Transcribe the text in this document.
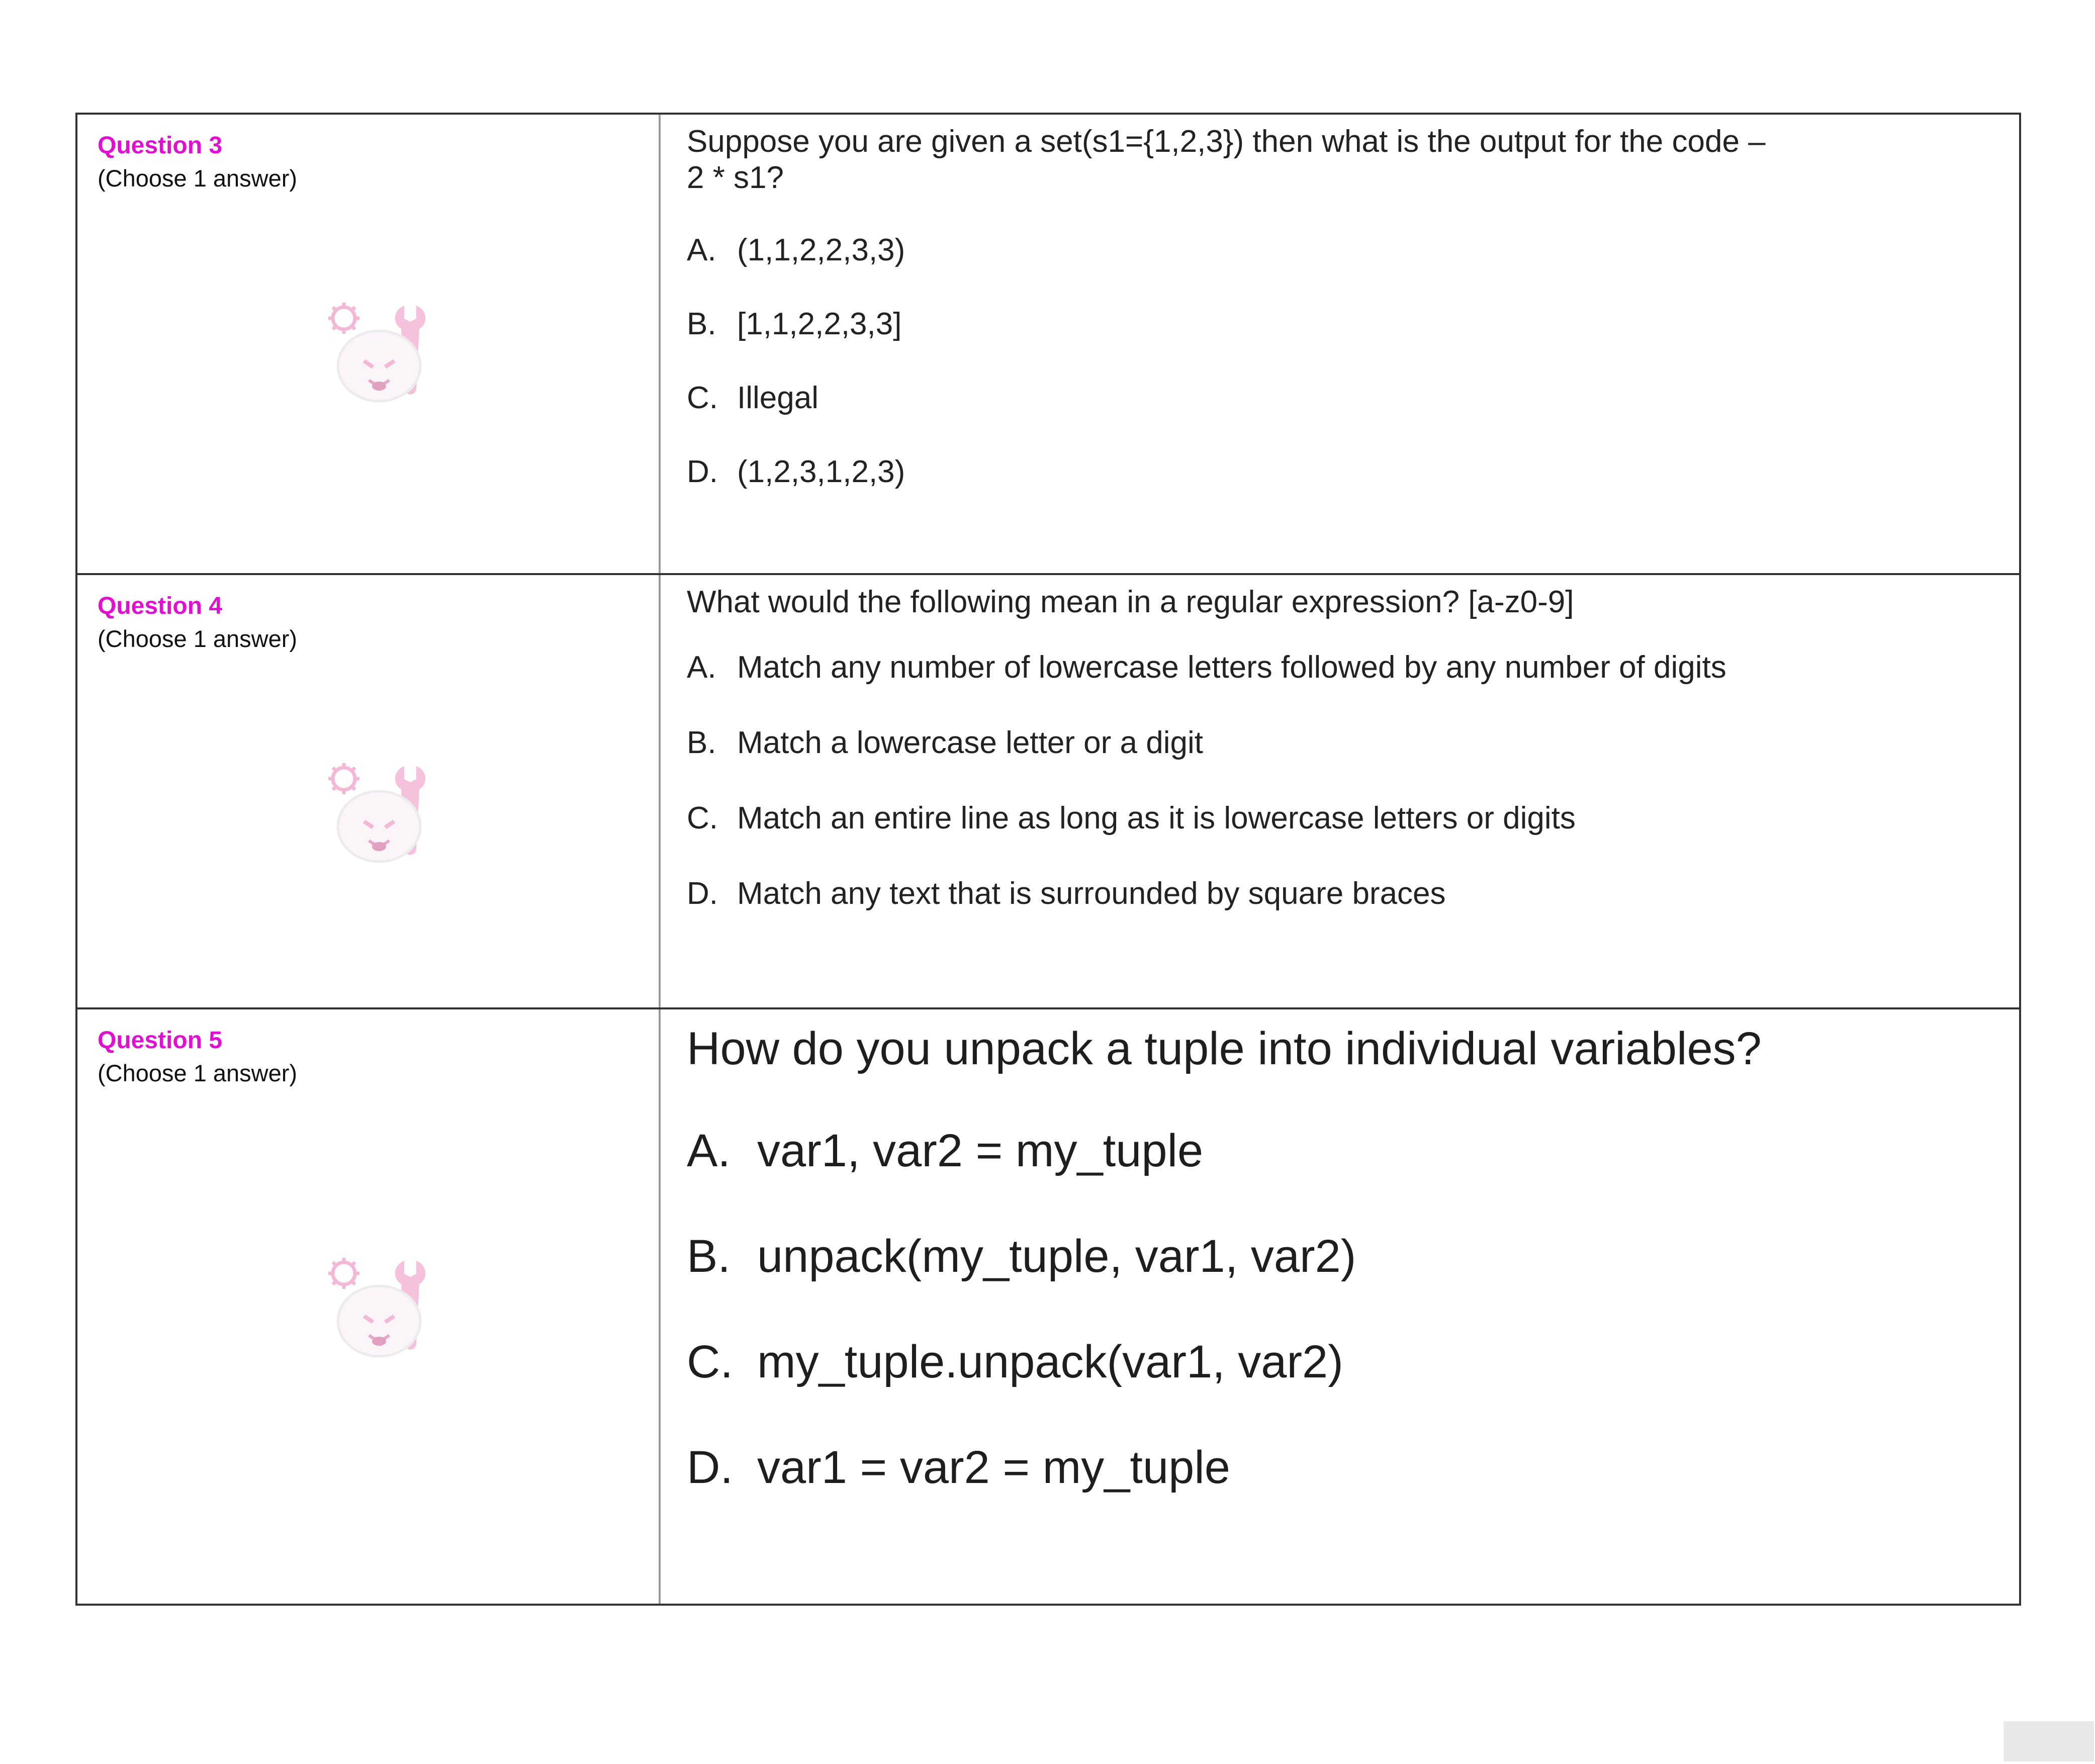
Question 3
(Choose 1 answer)
Suppose you are given a set(s1={1,2,3}) then what is the output for the code –
2 * s1?
A. (1,1,2,2,3,3)
B. [1,1,2,2,3,3]
C. Illegal
D. (1,2,3,1,2,3)
Question 4
(Choose 1 answer)
What would the following mean in a regular expression? [a-z0-9]
A. Match any number of lowercase letters followed by any number of digits
B. Match a lowercase letter or a digit
C. Match an entire line as long as it is lowercase letters or digits
D. Match any text that is surrounded by square braces
Question 5
(Choose 1 answer)	How do you unpack a tuple into individual variables?
A. var1, var2 = my_tuple
B. unpack(my_tuple, var1, var2)
C. my_tuple.unpack(var1, var2)
D. var1 = var2 = my_tuple
